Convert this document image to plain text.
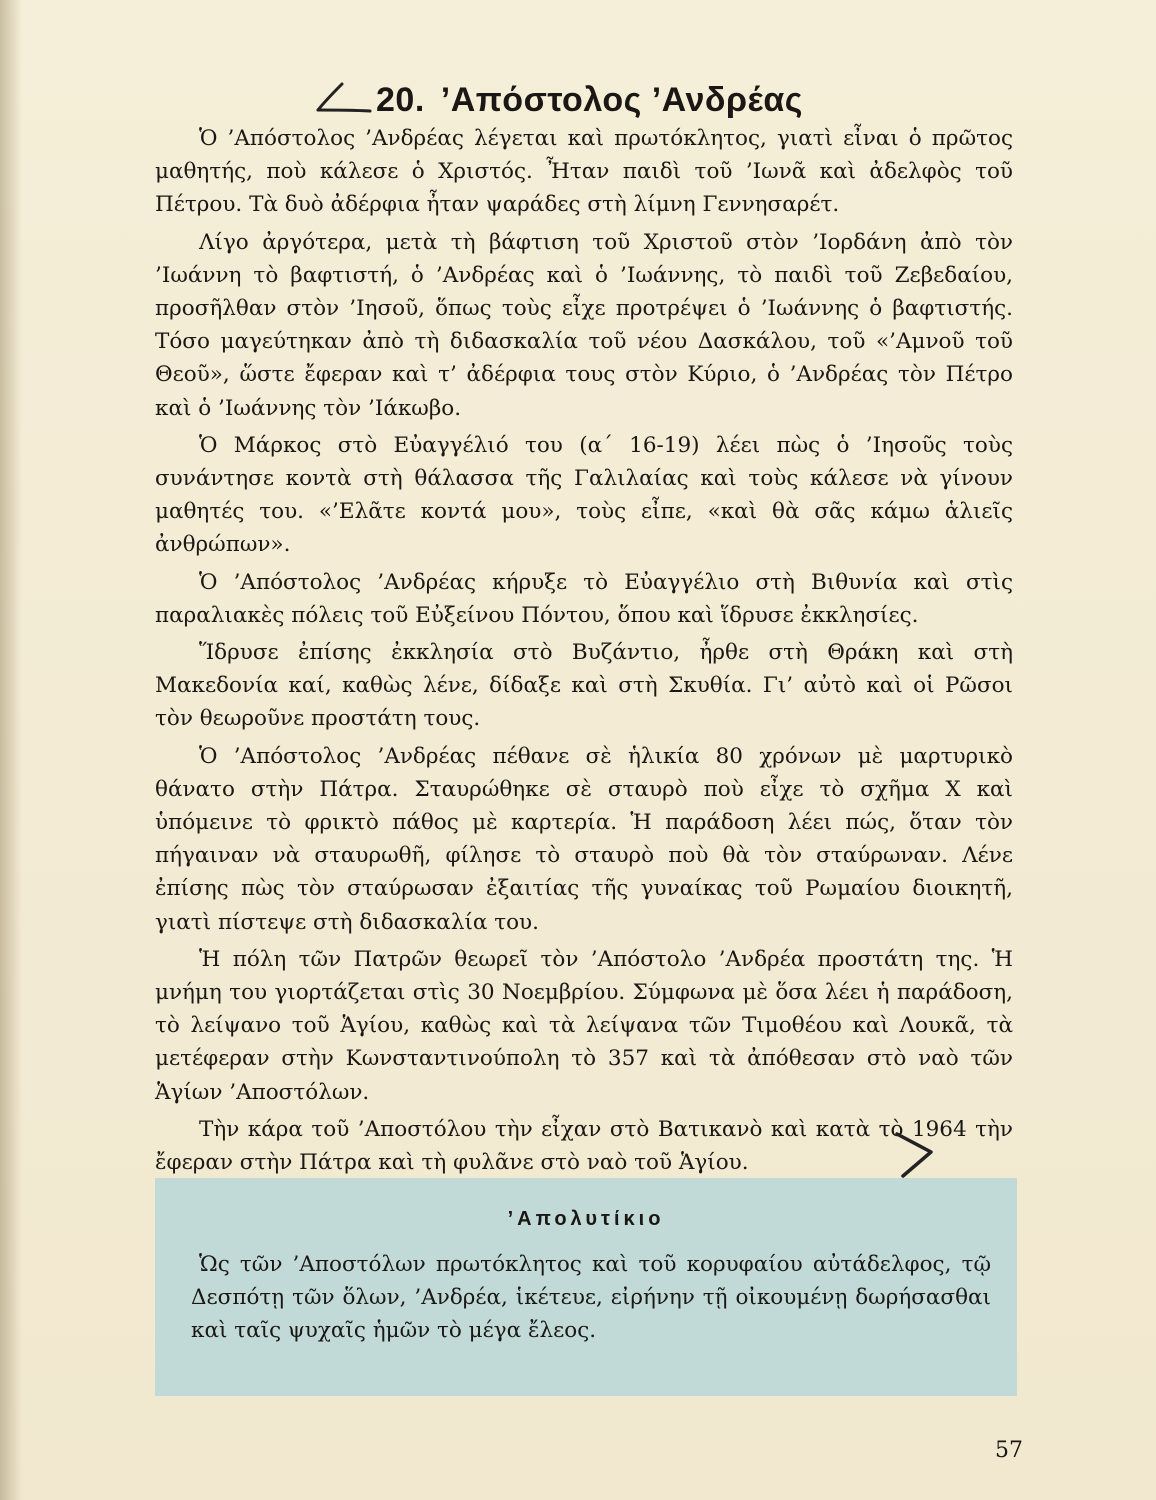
20. ’Απόστολος ’Ανδρέας

Ὁ ’Απόστολος ’Ανδρέας λέγεται καὶ πρωτόκλητος, γιατὶ εἶναι ὁ πρῶτος μαθητής, ποὺ κάλεσε ὁ Χριστός. Ἦταν παιδὶ τοῦ ’Ιωνᾶ καὶ ἀδελφὸς τοῦ Πέτρου. Τὰ δυὸ ἀδέρφια ἦταν ψαράδες στὴ λίμνη Γεννησαρέτ.

Λίγο ἀργότερα, μετὰ τὴ βάφτιση τοῦ Χριστοῦ στὸν ’Ιορδάνη ἀπὸ τὸν ’Ιωάννη τὸ βαφτιστή, ὁ ’Ανδρέας καὶ ὁ ’Ιωάννης, τὸ παιδὶ τοῦ Ζεβεδαίου, προσῆλθαν στὸν ’Ιησοῦ, ὅπως τοὺς εἶχε προτρέψει ὁ ’Ιωάννης ὁ βαφτιστής. Τόσο μαγεύτηκαν ἀπὸ τὴ διδασκαλία τοῦ νέου Δασκάλου, τοῦ «’Αμνοῦ τοῦ Θεοῦ», ὥστε ἔφεραν καὶ τ’ ἀδέρφια τους στὸν Κύριο, ὁ ’Ανδρέας τὸν Πέτρο καὶ ὁ ’Ιωάννης τὸν ’Ιάκωβο.

Ὁ Μάρκος στὸ Εὐαγγέλιό του (α΄ 16-19) λέει πὼς ὁ ’Ιησοῦς τοὺς συνάντησε κοντὰ στὴ θάλασσα τῆς Γαλιλαίας καὶ τοὺς κάλεσε νὰ γίνουν μαθητές του. «’Ελᾶτε κοντά μου», τοὺς εἶπε, «καὶ θὰ σᾶς κάμω ἁλιεῖς ἀνθρώπων».

Ὁ ’Απόστολος ’Ανδρέας κήρυξε τὸ Εὐαγγέλιο στὴ Βιθυνία καὶ στὶς παραλιακὲς πόλεις τοῦ Εὐξείνου Πόντου, ὅπου καὶ ἵδρυσε ἐκκλησίες.

Ἵδρυσε ἐπίσης ἐκκλησία στὸ Βυζάντιο, ἦρθε στὴ Θράκη καὶ στὴ Μακεδονία καί, καθὼς λένε, δίδαξε καὶ στὴ Σκυθία. Γι’ αὐτὸ καὶ οἱ Ρῶσοι τὸν θεωροῦνε προστάτη τους.

Ὁ ’Απόστολος ’Ανδρέας πέθανε σὲ ἡλικία 80 χρόνων μὲ μαρτυρικὸ θάνατο στὴν Πάτρα. Σταυρώθηκε σὲ σταυρὸ ποὺ εἶχε τὸ σχῆμα Χ καὶ ὑπόμεινε τὸ φρικτὸ πάθος μὲ καρτερία. Ἡ παράδοση λέει πώς, ὅταν τὸν πήγαιναν νὰ σταυρωθῆ, φίλησε τὸ σταυρὸ ποὺ θὰ τὸν σταύρωναν. Λένε ἐπίσης πὼς τὸν σταύρωσαν ἐξαιτίας τῆς γυναίκας τοῦ Ρωμαίου διοικητῆ, γιατὶ πίστεψε στὴ διδασκαλία του.

Ἡ πόλη τῶν Πατρῶν θεωρεῖ τὸν ’Απόστολο ’Ανδρέα προστάτη της. Ἡ μνήμη του γιορτάζεται στὶς 30 Νοεμβρίου. Σύμφωνα μὲ ὅσα λέει ἡ παράδοση, τὸ λείψανο τοῦ Ἁγίου, καθὼς καὶ τὰ λείψανα τῶν Τιμοθέου καὶ Λουκᾶ, τὰ μετέφεραν στὴν Κωνσταντινούπολη τὸ 357 καὶ τὰ ἀπόθεσαν στὸ ναὸ τῶν Ἁγίων ’Αποστόλων.

Τὴν κάρα τοῦ ’Αποστόλου τὴν εἶχαν στὸ Βατικανὸ καὶ κατὰ τὸ 1964 τὴν ἔφεραν στὴν Πάτρα καὶ τὴ φυλᾶνε στὸ ναὸ τοῦ Ἁγίου.

’Απολυτίκιο

Ὡς τῶν ’Αποστόλων πρωτόκλητος καὶ τοῦ κορυφαίου αὐτάδελφος, τῷ Δεσπότῃ τῶν ὅλων, ’Ανδρέα, ἱκέτευε, εἰρήνην τῇ οἰκουμένῃ δωρήσασθαι καὶ ταῖς ψυχαῖς ἡμῶν τὸ μέγα ἔλεος.

57
